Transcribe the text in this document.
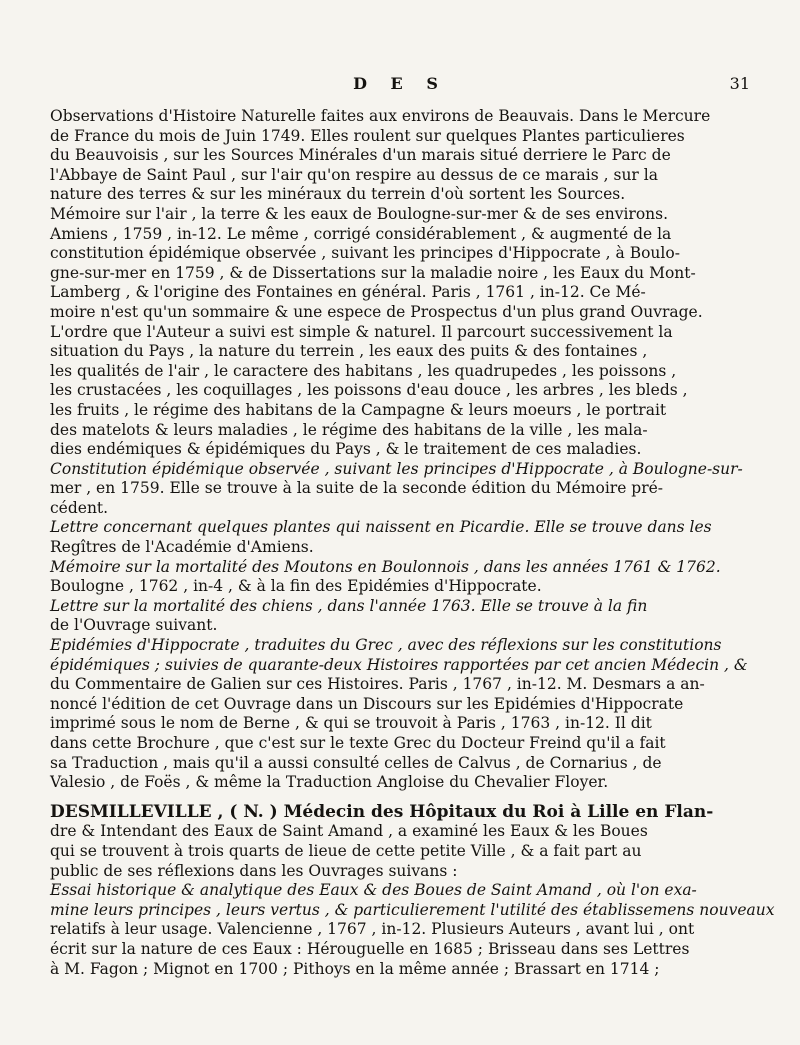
D E S	31
Observations d'Histoire Naturelle faites aux environs de Beauvais. Dans le Mercure
de France du mois de Juin 1749. Elles roulent sur quelques Plantes particulieres
du Beauvoisis , sur les Sources Minérales d'un marais situé derriere le Parc de
l'Abbaye de Saint Paul , sur l'air qu'on respire au dessus de ce marais , sur la
nature des terres & sur les minéraux du terrein d'où sortent les Sources.
Mémoire sur l'air , la terre & les eaux de Boulogne-sur-mer & de ses environs.
Amiens , 1759 , in-12. Le même , corrigé considérablement , & augmenté de la
constitution épidémique observée , suivant les principes d'Hippocrate , à Boulo-
gne-sur-mer en 1759 , & de Dissertations sur la maladie noire , les Eaux du Mont-
Lamberg , & l'origine des Fontaines en général. Paris , 1761 , in-12. Ce Mé-
moire n'est qu'un sommaire & une espece de Prospectus d'un plus grand Ouvrage.
L'ordre que l'Auteur a suivi est simple & naturel. Il parcourt successivement la
situation du Pays , la nature du terrein , les eaux des puits & des fontaines ,
les qualités de l'air , le caractere des habitans , les quadrupedes , les poissons ,
les crustacées , les coquillages , les poissons d'eau douce , les arbres , les bleds ,
les fruits , le régime des habitans de la Campagne & leurs moeurs , le portrait
des matelots & leurs maladies , le régime des habitans de la ville , les mala-
dies endémiques & épidémiques du Pays , & le traitement de ces maladies.
Constitution épidémique observée , suivant les principes d'Hippocrate , à Boulogne-sur-
mer , en 1759. Elle se trouve à la suite de la seconde édition du Mémoire pré-
cédent.
Lettre concernant quelques plantes qui naissent en Picardie. Elle se trouve dans les
Regîtres de l'Académie d'Amiens.
Mémoire sur la mortalité des Moutons en Boulonnois , dans les années 1761 & 1762.
Boulogne , 1762 , in-4 , & à la fin des Epidémies d'Hippocrate.
Lettre sur la mortalité des chiens , dans l'année 1763. Elle se trouve à la fin
de l'Ouvrage suivant.
Epidémies d'Hippocrate , traduites du Grec , avec des réflexions sur les constitutions
épidémiques ; suivies de quarante-deux Histoires rapportées par cet ancien Médecin , &
du Commentaire de Galien sur ces Histoires. Paris , 1767 , in-12. M. Desmars a an-
noncé l'édition de cet Ouvrage dans un Discours sur les Epidémies d'Hippocrate
imprimé sous le nom de Berne , & qui se trouvoit à Paris , 1763 , in-12. Il dit
dans cette Brochure , que c'est sur le texte Grec du Docteur Freind qu'il a fait
sa Traduction , mais qu'il a aussi consulté celles de Calvus , de Cornarius , de
Valesio , de Foës , & même la Traduction Angloise du Chevalier Floyer.
DESMILLEVILLE , ( N. ) Médecin des Hôpitaux du Roi à Lille en Flan-
dre & Intendant des Eaux de Saint Amand , a examiné les Eaux & les Boues
qui se trouvent à trois quarts de lieue de cette petite Ville , & a fait part au
public de ses réflexions dans les Ouvrages suivans :
Essai historique & analytique des Eaux & des Boues de Saint Amand , où l'on exa-
mine leurs principes , leurs vertus , & particulierement l'utilité des établissemens nouveaux
relatifs à leur usage. Valencienne , 1767 , in-12. Plusieurs Auteurs , avant lui , ont
écrit sur la nature de ces Eaux : Hérouguelle en 1685 ; Brisseau dans ses Lettres
à M. Fagon ; Mignot en 1700 ; Pithoys en la même année ; Brassart en 1714 ;
